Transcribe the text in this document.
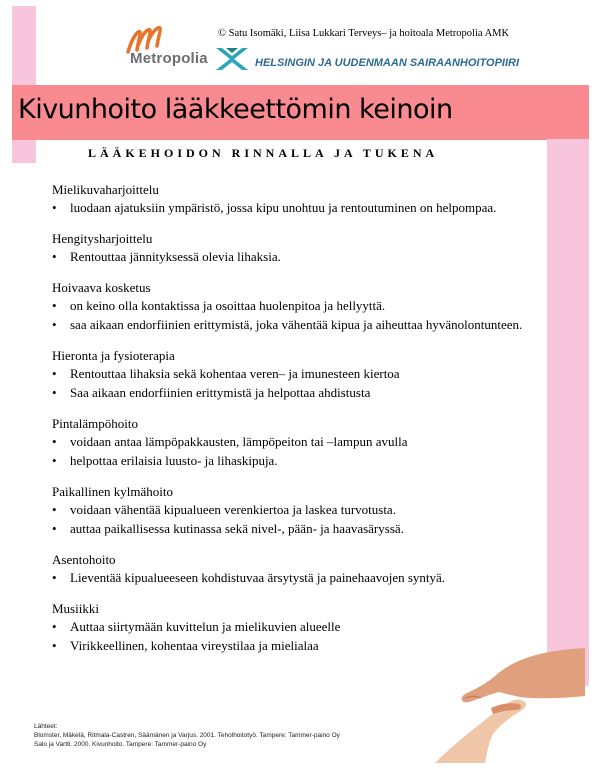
© Satu Isomäki, Liisa Lukkari Terveys– ja hoitoala Metropolia AMK
Metropolia	HELSINGIN JA UUDENMAAN SAIRAANHOITOPIIRI
Kivunhoito lääkkeettömin keinoin
LÄÄKEHOIDON RINNALLA JA TUKENA
Mielikuvaharjoittelu
• luodaan ajatuksiin ympäristö, jossa kipu unohtuu ja rentoutuminen on helpompaa.
Hengitysharjoittelu
• Rentouttaa jännityksessä olevia lihaksia.
Hoivaava kosketus
• on keino olla kontaktissa ja osoittaa huolenpitoa ja hellyyttä.
• saa aikaan endorfiinien erittymistä, joka vähentää kipua ja aiheuttaa hyvänolontunteen.
Hieronta ja fysioterapia
• Rentouttaa lihaksia sekä kohentaa veren– ja imunesteen kiertoa
• Saa aikaan endorfiinien erittymistä ja helpottaa ahdistusta
Pintalämpöhoito
• voidaan antaa lämpöpakkausten, lämpöpeiton tai –lampun avulla
• helpottaa erilaisia luusto- ja lihaskipuja.
Paikallinen kylmähoito
• voidaan vähentää kipualueen verenkiertoa ja laskea turvotusta.
• auttaa paikallisessa kutinassa sekä nivel-, pään- ja haavasäryssä.
Asentohoito
• Lieventää kipualueeseen kohdistuvaa ärsytystä ja painehaavojen syntyä.
Musiikki
• Auttaa siirtymään kuvittelun ja mielikuvien alueelle
• Virikkeellinen, kohentaa vireystilaa ja mielialaa
Lähteet:
Blomster, Mäkelä, Ritmala-Castren, Säämänen ja Varjus. 2001. Teholhoitotyö. Tampere: Tammer-paino Oy
Salo ja Vartti. 2000. Kivunhoito. Tampere: Tammer-paino Oy
